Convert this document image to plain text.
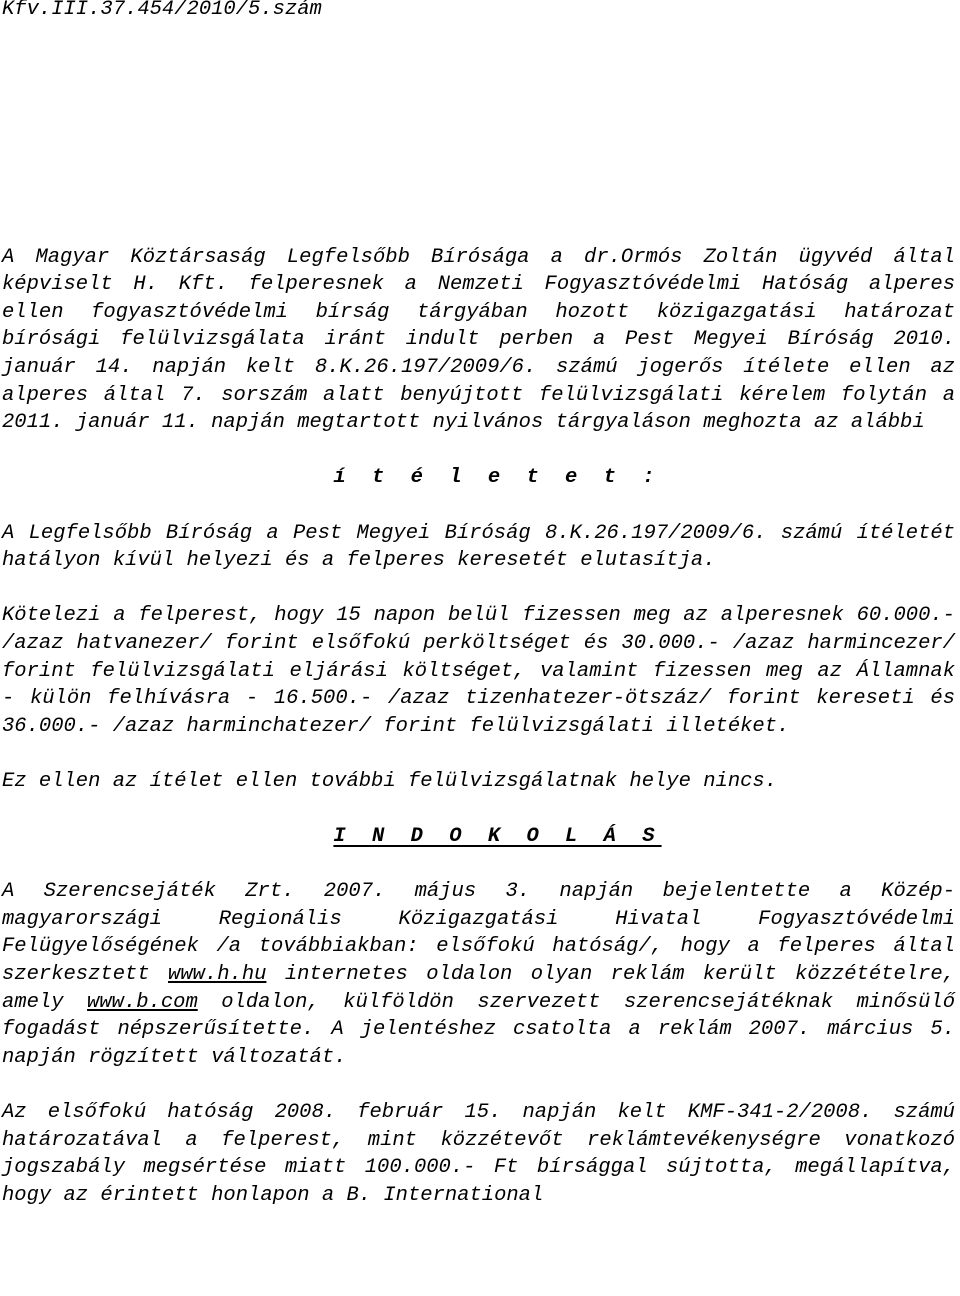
Kfv.III.37.454/2010/5.szám

A Magyar Köztársaság Legfelsőbb Bírósága a dr.Ormós Zoltán ügyvéd által képviselt H. Kft. felperesnek a Nemzeti Fogyasztóvédelmi Hatóság alperes ellen fogyasztóvédelmi bírság tárgyában hozott közigazgatási határozat bírósági felülvizsgálata iránt indult perben a Pest Megyei Bíróság 2010. január 14. napján kelt 8.K.26.197/2009/6. számú jogerős ítélete ellen az alperes által 7. sorszám alatt benyújtott felülvizsgálati kérelem folytán a 2011. január 11. napján megtartott nyilvános tárgyaláson meghozta az alábbi

í t é l e t e t :

A Legfelsőbb Bíróság a Pest Megyei Bíróság 8.K.26.197/2009/6. számú ítéletét hatályon kívül helyezi és a felperes keresetét elutasítja.

Kötelezi a felperest, hogy 15 napon belül fizessen meg az alperesnek 60.000.- /azaz hatvanezer/ forint elsőfokú perköltséget és 30.000.- /azaz harmincezer/ forint felülvizsgálati eljárási költséget, valamint fizessen meg az Államnak - külön felhívásra - 16.500.- /azaz tizenhatezer-ötszáz/ forint kereseti és 36.000.- /azaz harminchatezer/ forint felülvizsgálati illetéket.

Ez ellen az ítélet ellen további felülvizsgálatnak helye nincs.

I N D O K O L Á S

A Szerencsejáték Zrt. 2007. május 3. napján bejelentette a Közép-magyarországi Regionális Közigazgatási Hivatal Fogyasztóvédelmi Felügyelőségének /a továbbiakban: elsőfokú hatóság/, hogy a felperes által szerkesztett www.h.hu internetes oldalon olyan reklám került közzétételre, amely www.b.com oldalon, külföldön szervezett szerencsejátéknak minősülő fogadást népszerűsítette. A jelentéshez csatolta a reklám 2007. március 5. napján rögzített változatát.

Az elsőfokú hatóság 2008. február 15. napján kelt KMF-341-2/2008. számú határozatával a felperest, mint közzétevőt reklámtevékenységre vonatkozó jogszabály megsértése miatt 100.000.- Ft bírsággal sújtotta, megállapítva, hogy az érintett honlapon a B. International
